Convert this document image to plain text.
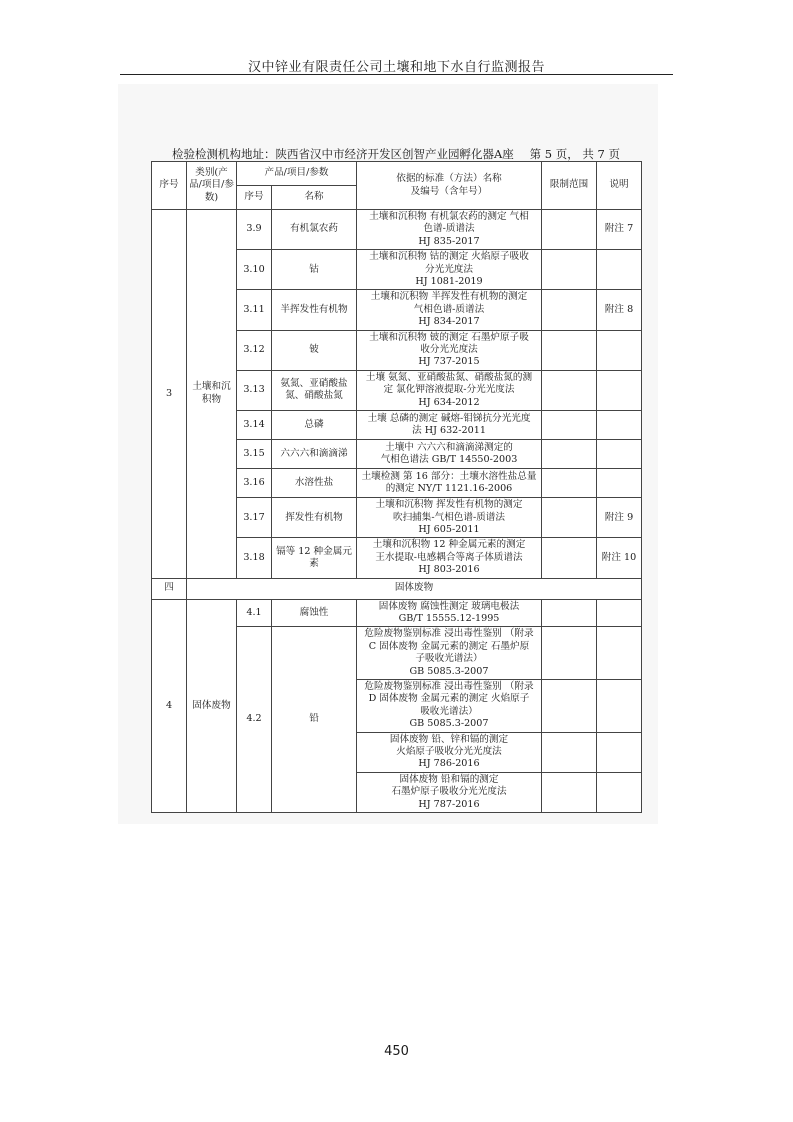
汉中锌业有限责任公司土壤和地下水自行监测报告
检验检测机构地址：陕西省汉中市经济开发区创智产业园孵化器A座 第 5 页， 共 7 页
序号	类别(产品/项目/参数)	产品/项目/参数		依据的标准（方法）名称
及编号（含年号）	限制范围	说明
		序号	名称			
3	土壤和沉积物	3.9	有机氯农药	土壤和沉积物 有机氯农药的测定 气相
色谱-质谱法
HJ 835-2017		附注 7
		3.10	钴	土壤和沉积物 钴的测定 火焰原子吸收
分光光度法
HJ 1081-2019		
		3.11	半挥发性有机物	土壤和沉积物 半挥发性有机物的测定
气相色谱-质谱法
HJ 834-2017		附注 8
		3.12	铍	土壤和沉积物 铍的测定 石墨炉原子吸
收分光光度法
HJ 737-2015		
		3.13	氨氮、亚硝酸盐氮、硝酸盐氮	土壤 氨氮、亚硝酸盐氮、硝酸盐氮的测
定 氯化钾溶液提取-分光光度法
HJ 634-2012		
		3.14	总磷	土壤 总磷的测定 碱熔-钼锑抗分光光度
法 HJ 632-2011		
		3.15	六六六和滴滴涕	土壤中 六六六和滴滴涕测定的
气相色谱法 GB/T 14550-2003		
		3.16	水溶性盐	土壤检测 第 16 部分：土壤水溶性盐总量
的测定 NY/T 1121.16-2006		
		3.17	挥发性有机物	土壤和沉积物 挥发性有机物的测定
吹扫捕集-气相色谱-质谱法
HJ 605-2011		附注 9
		3.18	镉等 12 种金属元素	土壤和沉积物 12 种金属元素的测定
王水提取-电感耦合等离子体质谱法
HJ 803-2016		附注 10
四	固体废物					
4	固体废物	4.1	腐蚀性	固体废物 腐蚀性测定 玻璃电极法
GB/T 15555.12-1995		
		4.2	铅	危险废物鉴别标准 浸出毒性鉴别 （附录
C 固体废物 金属元素的测定 石墨炉原
子吸收光谱法）
GB 5085.3-2007		
				危险废物鉴别标准 浸出毒性鉴别 （附录
D 固体废物 金属元素的测定 火焰原子
吸收光谱法）
GB 5085.3-2007		
				固体废物 铅、锌和镉的测定
火焰原子吸收分光光度法
HJ 786-2016		
				固体废物 铅和镉的测定
石墨炉原子吸收分光光度法
HJ 787-2016		
450
